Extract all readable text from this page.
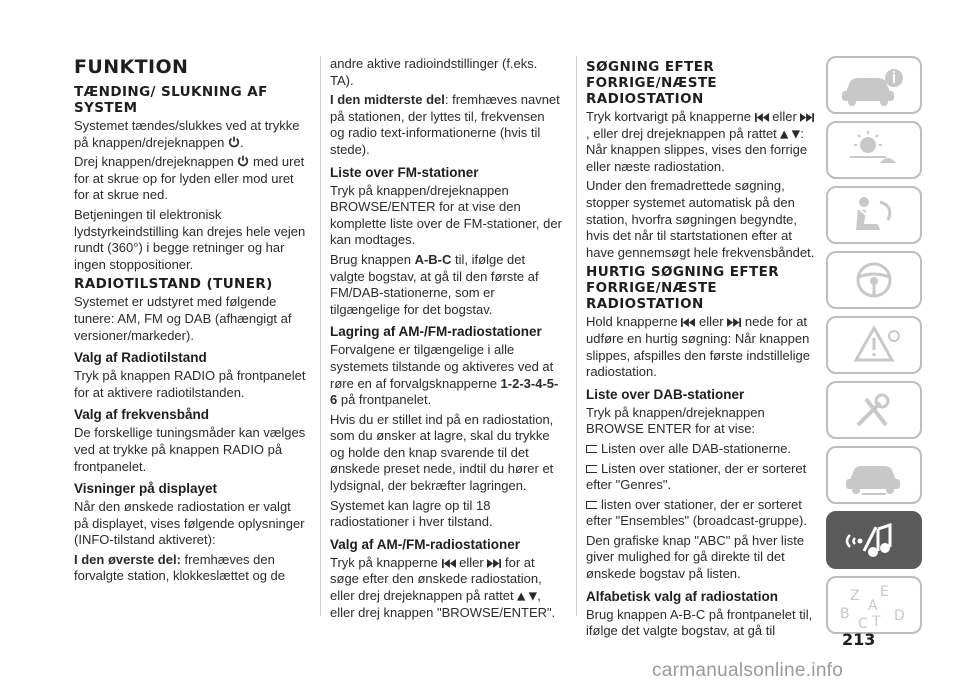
FUNKTION
TÆNDING/ SLUKNING AF SYSTEM
Systemet tændes/slukkes ved at trykke på knappen/drejeknappen .
Drej knappen/drejeknappen med uret for at skrue op for lyden eller mod uret for at skrue ned.
Betjeningen til elektronisk lydstyrkeindstilling kan drejes hele vejen rundt (360°) i begge retninger og har ingen stoppositioner.
RADIOTILSTAND (TUNER)
Systemet er udstyret med følgende tunere: AM, FM og DAB (afhængigt af versioner/markeder).
Valg af Radiotilstand
Tryk på knappen RADIO på frontpanelet for at aktivere radiotilstanden.
Valg af frekvensbånd
De forskellige tuningsmåder kan vælges ved at trykke på knappen RADIO på frontpanelet.
Visninger på displayet
Når den ønskede radiostation er valgt på displayet, vises følgende oplysninger (INFO-tilstand aktiveret):
I den øverste del: fremhæves den forvalgte station, klokkeslættet og de
andre aktive radioindstillinger (f.eks. TA).
I den midterste del: fremhæves navnet på stationen, der lyttes til, frekvensen og radio text-informationerne (hvis til stede).
Liste over FM-stationer
Tryk på knappen/drejeknappen BROWSE/ENTER for at vise den komplette liste over de FM-stationer, der kan modtages.
Brug knappen A-B-C til, ifølge det valgte bogstav, at gå til den første af FM/DAB-stationerne, som er tilgængelige for det bogstav.
Lagring af AM-/FM-radiostationer
Forvalgene er tilgængelige i alle systemets tilstande og aktiveres ved at røre en af forvalgsknapperne 1-2-3-4-5-6 på frontpanelet.
Hvis du er stillet ind på en radiostation, som du ønsker at lagre, skal du trykke og holde den knap svarende til det ønskede preset nede, indtil du hører et lydsignal, der bekræfter lagringen.
Systemet kan lagre op til 18 radiostationer i hver tilstand.
Valg af AM-/FM-radiostationer
Tryk på knapperne eller for at søge efter den ønskede radiostation, eller drej drejeknappen på rattet , eller drej knappen "BROWSE/ENTER".
SØGNING EFTER FORRIGE/NÆSTE RADIOSTATION
Tryk kortvarigt på knapperne eller , eller drej drejeknappen på rattet : Når knappen slippes, vises den forrige eller næste radiostation.
Under den fremadrettede søgning, stopper systemet automatisk på den station, hvorfra søgningen begyndte, hvis det når til startstationen efter at have gennemsøgt hele frekvensbåndet.
HURTIG SØGNING EFTER FORRIGE/NÆSTE RADIOSTATION
Hold knapperne eller nede for at udføre en hurtig søgning: Når knappen slippes, afspilles den første indstillelige radiostation.
Liste over DAB-stationer
Tryk på knappen/drejeknappen BROWSE ENTER for at vise:
Listen over alle DAB-stationerne.
Listen over stationer, der er sorteret efter "Genres".
listen over stationer, der er sorteret efter "Ensembles" (broadcast-gruppe).
Den grafiske knap "ABC" på hver liste giver mulighed for gå direkte til det ønskede bogstav på listen.
Alfabetisk valg af radiostation
Brug knappen A-B-C på frontpanelet til, ifølge det valgte bogstav, at gå til
Z E
B
C T D
A
213
carmanualsonline.info
